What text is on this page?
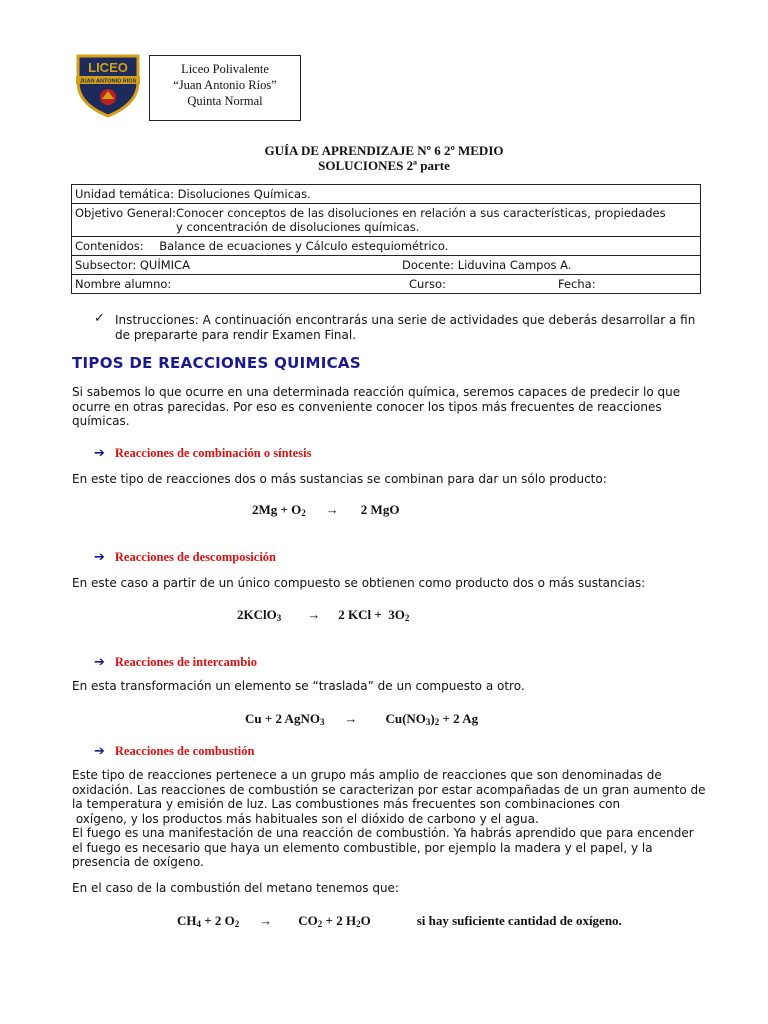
LICEO
JUAN ANTONIO RIOS
Liceo Polivalente
“Juan Antonio Ríos”
Quinta Normal
GUÍA DE APRENDIZAJE Nº 6 2º MEDIO
SOLUCIONES 2ª parte
Unidad temática: Disoluciones Químicas.

Objetivo General: Conocer conceptos de las disoluciones en relación a sus características, propiedades
y concentración de disoluciones químicas.

Contenidos: Balance de ecuaciones y Cálculo estequiométrico.

Subsector: QUÍMICA	Docente: Liduvina Campos A.

Nombre alumno:	Curso:	Fecha:
✓ Instrucciones: A continuación encontrarás una serie de actividades que deberás desarrollar a fin
de prepararte para rendir Examen Final.
TIPOS DE REACCIONES QUIMICAS
Si sabemos lo que ocurre en una determinada reacción química, seremos capaces de predecir lo que
ocurre en otras parecidas. Por eso es conveniente conocer los tipos más frecuentes de reacciones
químicas.
➔ Reacciones de combinación o síntesis
En este tipo de reacciones dos o más sustancias se combinan para dar un sólo producto:
$2Mg + O_2 \to 2$ MgO
➔ Reacciones de descomposición
En este caso a partir de un único compuesto se obtienen como producto dos o más sustancias:
2KClO$_3$ → 2 KCl +  $3O_2$
➔ Reacciones de intercambio
En esta transformación un elemento se “traslada” de un compuesto a otro.
Cu + 2 AgNO$_3$ → $Cu(NO_3)_2 + 2$ Ag
➔ Reacciones de combustión
Este tipo de reacciones pertenece a un grupo más amplio de reacciones que son denominadas de
oxidación. Las reacciones de combustión se caracterizan por estar acompañadas de un gran aumento de
la temperatura y emisión de luz. Las combustiones más frecuentes son combinaciones con
oxígeno, y los productos más habituales son el dióxido de carbono y el agua.
El fuego es una manifestación de una reacción de combustión. Ya habrás aprendido que para encender
el fuego es necesario que haya un elemento combustible, por ejemplo la madera y el papel, y la
presencia de oxígeno.
En el caso de la combustión del metano tenemos que:
$CH_4 + 2$ $O_2 \to CO_2 + 2$ $H_2O$	si hay suficiente cantidad de oxígeno.
